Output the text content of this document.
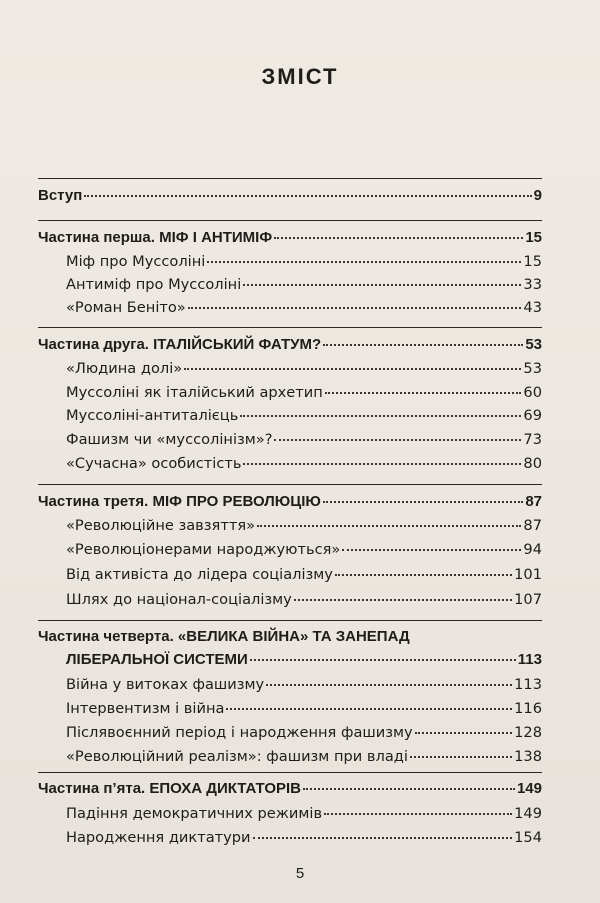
ЗМІСТ
Вступ	9
Частина перша. МІФ І АНТИМІФ	15
Міф про Муссоліні	15
Антиміф про Муссоліні	33
«Роман Беніто»	43
Частина друга. ІТАЛІЙСЬКИЙ ФАТУМ?	53
«Людина долі»	53
Муссоліні як італійський архетип	60
Муссоліні-антиталієць	69
Фашизм чи «муссолінізм»?	73
«Сучасна» особистість	80
Частина третя. МІФ ПРО РЕВОЛЮЦІЮ	87
«Революційне завзяття»	87
«Революціонерами народжуються»	94
Від активіста до лідера соціалізму	101
Шлях до націонал-соціалізму	107
Частина четверта. «ВЕЛИКА ВІЙНА» ТА ЗАНЕПАД
ЛІБЕРАЛЬНОЇ СИСТЕМИ	113
Війна у витоках фашизму	113
Інтервентизм і війна	116
Післявоєнний період і народження фашизму	128
«Революційний реалізм»: фашизм при владі	138
Частина п’ята. ЕПОХА ДИКТАТОРІВ	149
Падіння демократичних режимів	149
Народження диктатури	154
5
